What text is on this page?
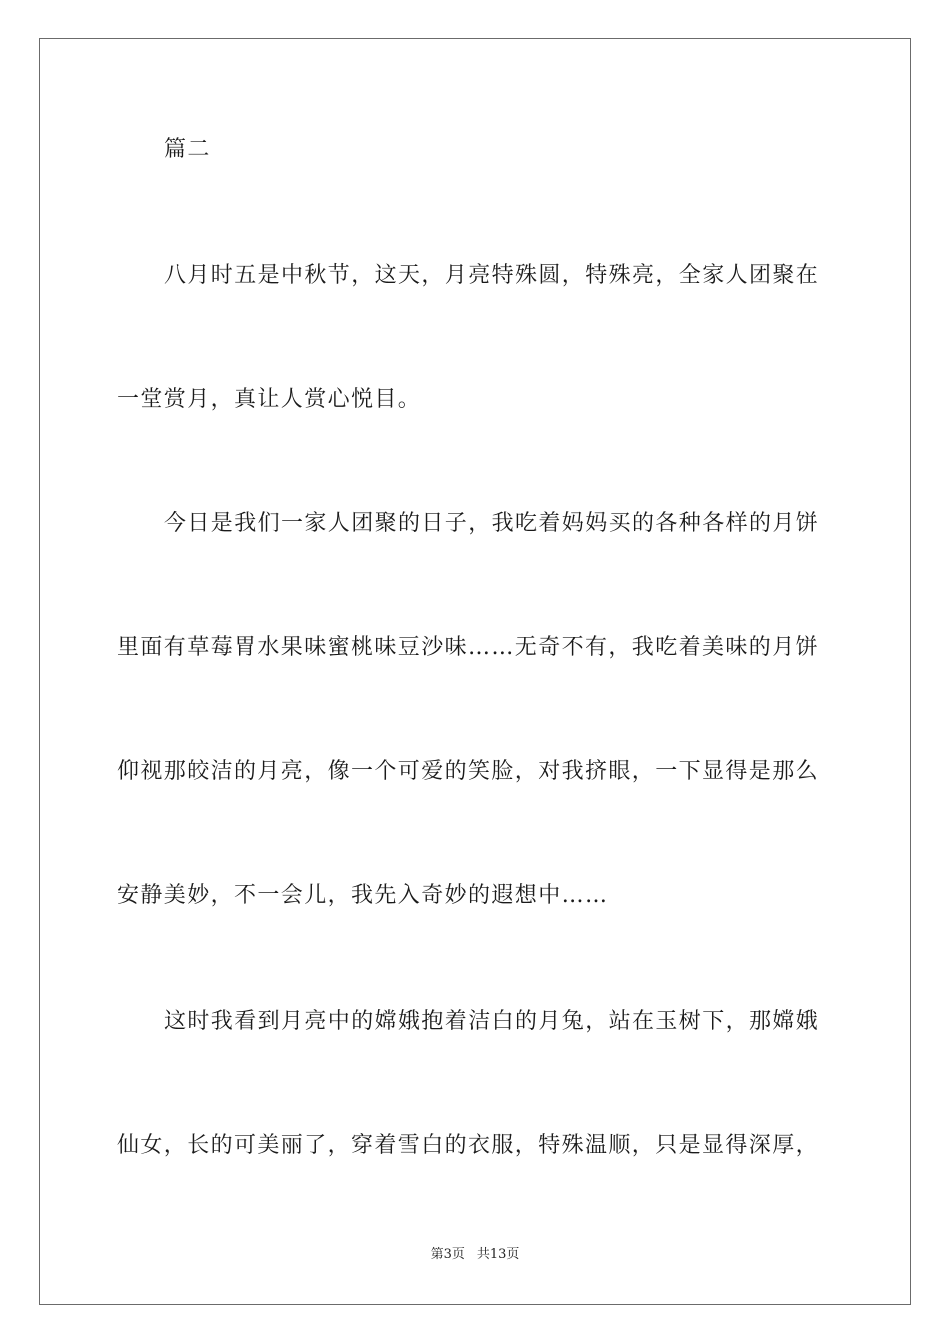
篇二
八月时五是中秋节，这天，月亮特殊圆，特殊亮，全家人团聚在
一堂赏月，真让人赏心悦目。
今日是我们一家人团聚的日子，我吃着妈妈买的各种各样的月饼
里面有草莓胃水果味蜜桃味豆沙味……无奇不有，我吃着美味的月饼
仰视那皎洁的月亮，像一个可爱的笑脸，对我挤眼，一下显得是那么
安静美妙，不一会儿，我先入奇妙的遐想中……
这时我看到月亮中的嫦娥抱着洁白的月兔，站在玉树下，那嫦娥
仙女，长的可美丽了，穿着雪白的衣服，特殊温顺，只是显得深厚，
第3页 共13页
